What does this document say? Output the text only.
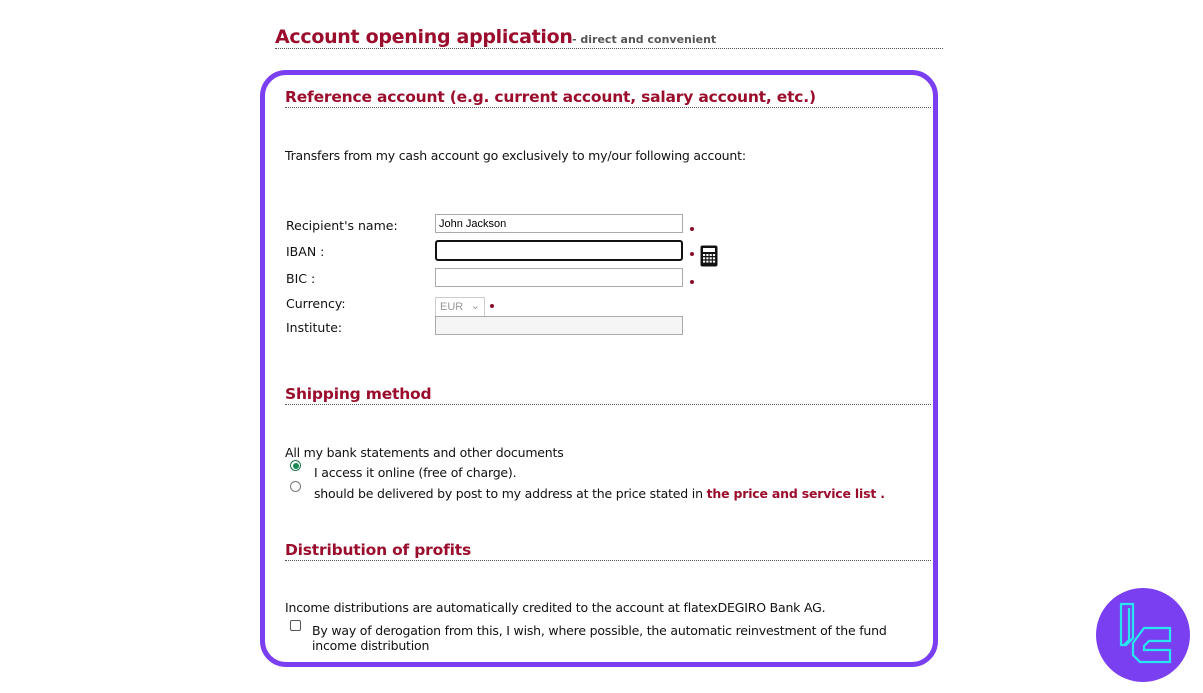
Account opening application - direct and convenient
Reference account (e.g. current account, salary account, etc.)
Transfers from my cash account go exclusively to my/our following account:
Recipient's name:
John Jackson
IBAN :
BIC :
Currency:	EUR ⌄
Institute:
Shipping method
All my bank statements and other documents
I access it online (free of charge).
should be delivered by post to my address at the price stated in the price and service list .
Distribution of profits
Income distributions are automatically credited to the account at flatexDEGIRO Bank AG.
By way of derogation from this, I wish, where possible, the automatic reinvestment of the fund
income distribution
